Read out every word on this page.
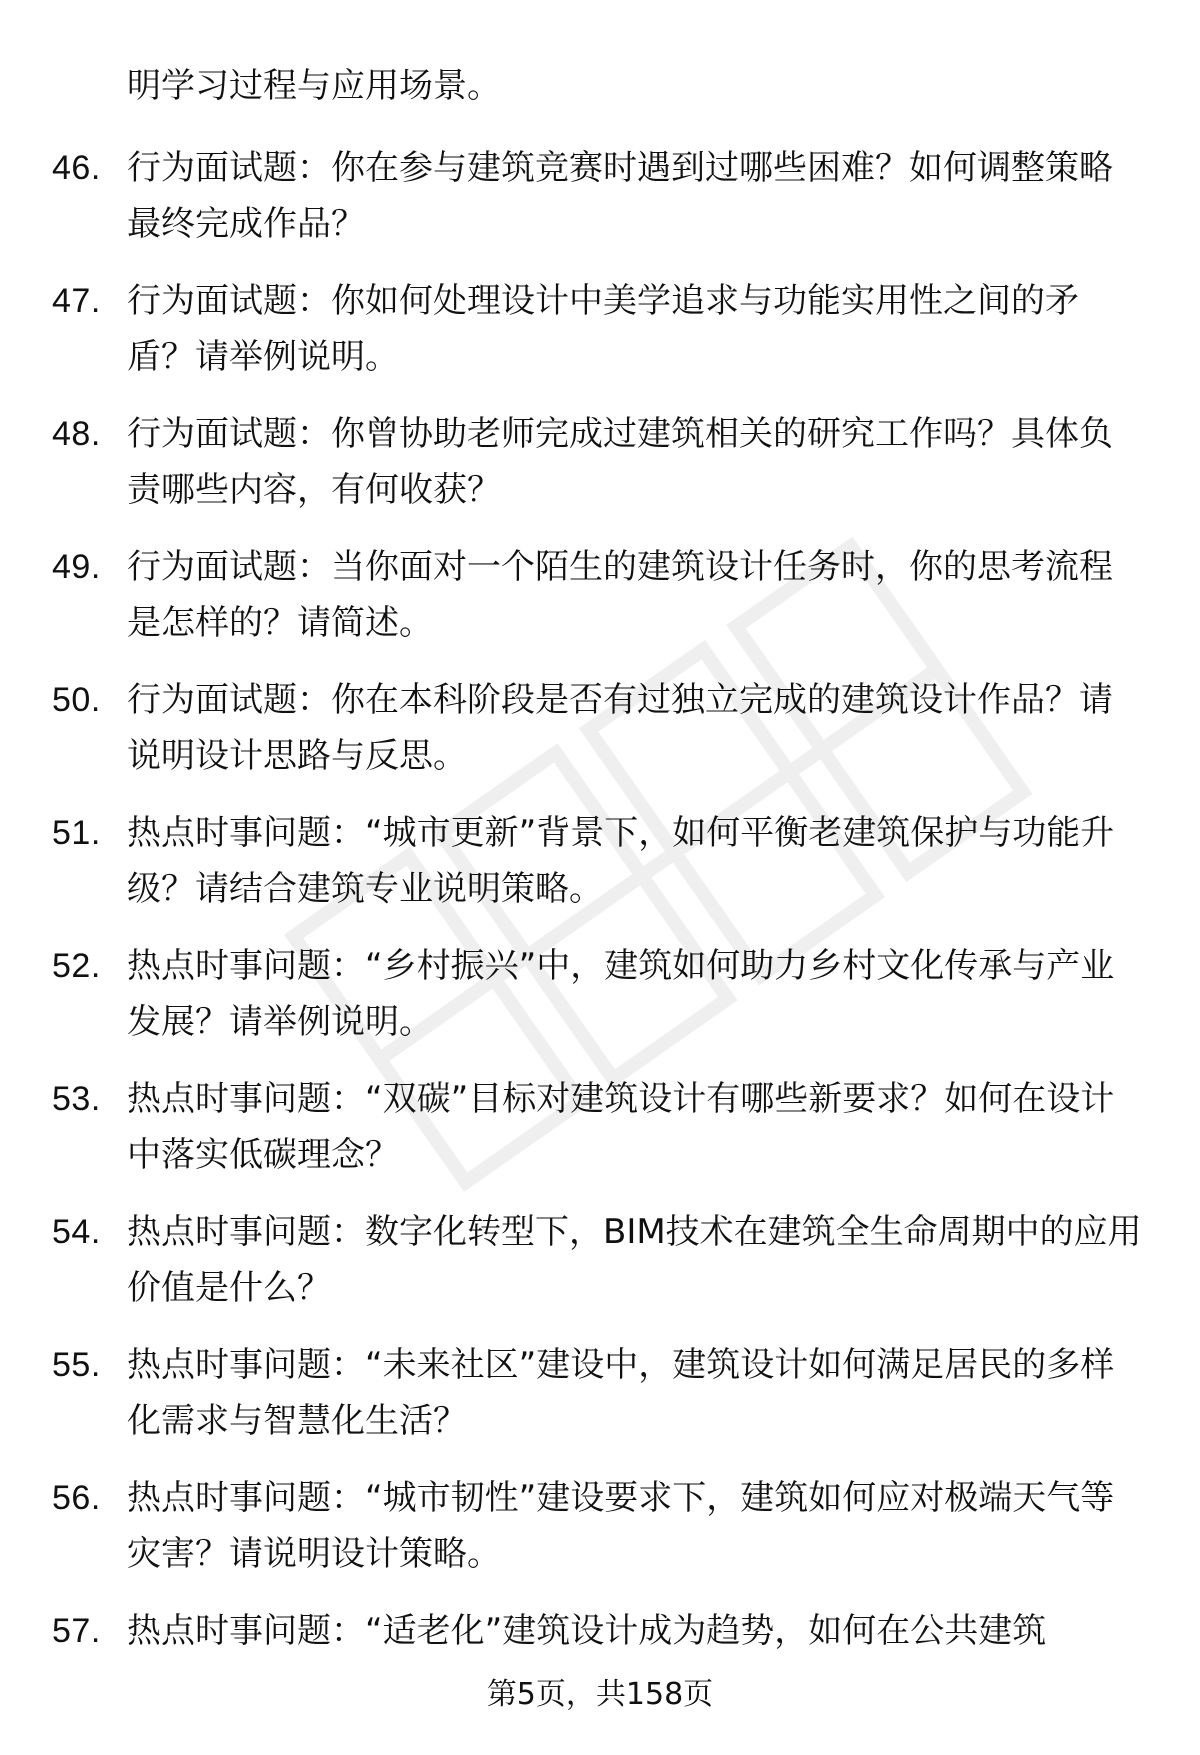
明学习过程与应用场景。

46. 行为面试题：你在参与建筑竞赛时遇到过哪些困难？如何调整策略最终完成作品？

47. 行为面试题：你如何处理设计中美学追求与功能实用性之间的矛盾？请举例说明。

48. 行为面试题：你曾协助老师完成过建筑相关的研究工作吗？具体负责哪些内容，有何收获？

49. 行为面试题：当你面对一个陌生的建筑设计任务时，你的思考流程是怎样的？请简述。

50. 行为面试题：你在本科阶段是否有过独立完成的建筑设计作品？请说明设计思路与反思。

51. 热点时事问题：“城市更新”背景下，如何平衡老建筑保护与功能升级？请结合建筑专业说明策略。

52. 热点时事问题：“乡村振兴”中，建筑如何助力乡村文化传承与产业发展？请举例说明。

53. 热点时事问题：“双碳”目标对建筑设计有哪些新要求？如何在设计中落实低碳理念？

54. 热点时事问题：数字化转型下，BIM技术在建筑全生命周期中的应用价值是什么？

55. 热点时事问题：“未来社区”建设中，建筑设计如何满足居民的多样化需求与智慧化生活？

56. 热点时事问题：“城市韧性”建设要求下，建筑如何应对极端天气等灾害？请说明设计策略。

57. 热点时事问题：“适老化”建筑设计成为趋势，如何在公共建筑

第5页，共158页
